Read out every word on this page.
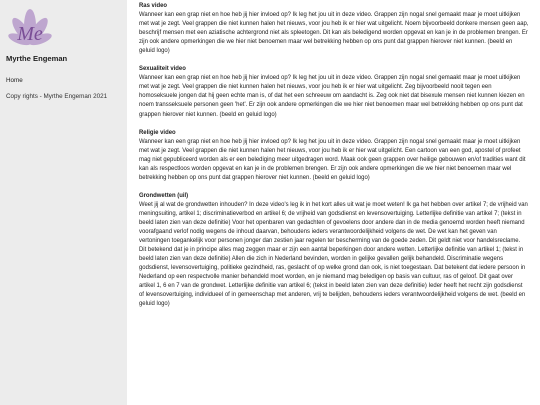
Me
Myrthe Engeman
Home
Copy rights - Myrthe Engeman 2021
Ras video

Wanneer kan een grap niet en hoe heb jij hier invloed op? Ik leg het jou uit in deze video. Grappen zijn nogal snel gemaakt maar je moet uitkijken met wat je zegt. Veel grappen die niet kunnen halen het nieuws, voor jou heb ik er hier wat uitgelicht. Noem bijvoorbeeld donkere mensen geen aap, beschrijf mensen met een aziatische achtergrond niet als spleetogen. Dit kan als beledigend worden opgevat en kan je in de problemen brengen. Er zijn ook andere opmerkingen die we hier niet benoemen maar wel betrekking hebben op ons punt dat grappen hierover niet kunnen. (beeld en geluid logo)

Sexualiteit video

Wanneer kan een grap niet en hoe heb jij hier invloed op? Ik leg het jou uit in deze video. Grappen zijn nogal snel gemaakt maar je moet uitkijken met wat je zegt. Veel grappen die niet kunnen halen het nieuws, voor jou heb ik er hier wat uitgelicht. Zeg bijvoorbeeld nooit tegen een homoseksuele jongen dat hij geen echte man is, of dat het een schreeuw om aandacht is. Zeg ook niet dat bisexule mensen niet kunnen kiezen en noem transseksuele personen geen 'het'. Er zijn ook andere opmerkingen die we hier niet benoemen maar wel betrekking hebben op ons punt dat grappen hierover niet kunnen. (beeld en geluid logo)

Religie video

Wanneer kan een grap niet en hoe heb jij hier invloed op? Ik leg het jou uit in deze video. Grappen zijn nogal snel gemaakt maar je moet uitkijken met wat je zegt. Veel grappen die niet kunnen halen het nieuws, voor jou heb ik er hier wat uitgelicht. Een cartoon van een god, apostel of profeet mag niet gepubliceerd worden als er een belediging meer uitgedragen word. Maak ook geen grappen over heilige gebouwen en/of tradities want dit kan als respectloos worden opgevat en kan je in de problemen brengen. Er zijn ook andere opmerkingen die we hier niet benoemen maar wel betrekking hebben op ons punt dat grappen hierover niet kunnen. (beeld en geluid logo)

Grondwetten (uil)

Weet jij al wat de grondwetten inhouden? In deze video's leg ik in het kort alles uit wat je moet weten! Ik ga het hebben over artikel 7; de vrijheid van meningsuiting, artikel 1; discriminatieverbod en artikel 6; de vrijheid van godsdienst en levensovertuiging. Letterlijke definitie van artikel 7; (tekst in beeld laten zien van deze definitie) Voor het openbaren van gedachten of gevoelens door andere dan in de media genoemd worden heeft niemand voorafgaand verlof nodig wegens de inhoud daarvan, behoudens ieders verantwoordelijkheid volgens de wet. De wet kan het geven van vertoningen toegankelijk voor personen jonger dan zestien jaar regelen ter bescherming van de goede zeden. Dit geldt niet voor handelsreclame. Dit betekend dat je in principe alles mag zeggen maar er zijn een aantal beperkingen door andere wetten. Letterlijke definitie van artikel 1; (tekst in beeld laten zien van deze definitie) Allen die zich in Nederland bevinden, worden in gelijke gevallen gelijk behandeld. Discriminatie wegens godsdienst, levensovertuiging, politieke gezindheid, ras, geslacht of op welke grond dan ook, is niet toegestaan. Dat betekent dat iedere persoon in Nederland op een respectvolle manier behandeld moet worden, en je niemand mag beledigen op basis van cultuur, ras of geloof. Dit gaat over artikel 1, 6 en 7 van de grondwet. Letterlijke definitie van artikel 6; (tekst in beeld laten zien van deze definitie) Ieder heeft het recht zijn godsdienst of levensovertuiging, individueel of in gemeenschap met anderen, vrij te belijden, behoudens ieders verantwoordelijkheid volgens de wet. (beeld en geluid logo)
